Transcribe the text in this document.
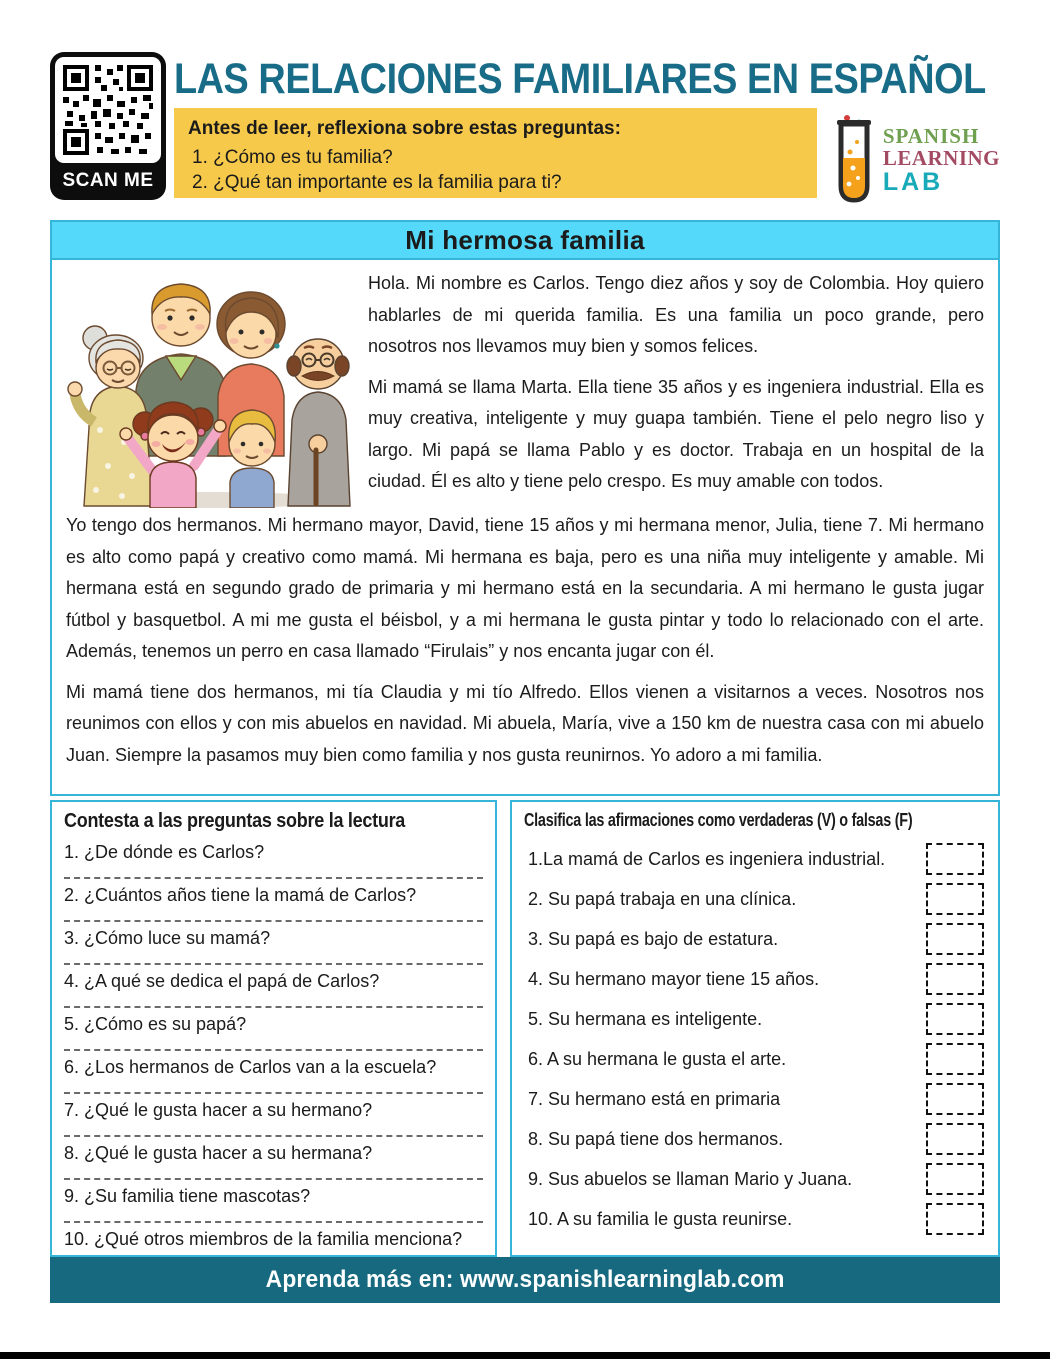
SCAN ME
LAS RELACIONES FAMILIARES EN ESPAÑOL
Antes de leer, reflexiona sobre estas preguntas:
1. ¿Cómo es tu familia?
2. ¿Qué tan importante es la familia para ti?
SPANISH
LEARNING
LAB
Mi hermosa familia

Hola. Mi nombre es Carlos. Tengo diez años y soy de Colombia. Hoy quiero hablarles de mi querida familia. Es una familia un poco grande, pero nosotros nos llevamos muy bien y somos felices.

Mi mamá se llama Marta. Ella tiene 35 años y es ingeniera industrial. Ella es muy creativa, inteligente y muy guapa también. Tiene el pelo negro liso y largo. Mi papá se llama Pablo y es doctor. Trabaja en un hospital de la ciudad. Él es alto y tiene pelo crespo. Es muy amable con todos.

Yo tengo dos hermanos. Mi hermano mayor, David, tiene 15 años y mi hermana menor, Julia, tiene 7. Mi hermano es alto como papá y creativo como mamá. Mi hermana es baja, pero es una niña muy inteligente y amable. Mi hermana está en segundo grado de primaria y mi hermano está en la secundaria. A mi hermano le gusta jugar fútbol y basquetbol. A mi me gusta el béisbol, y a mi hermana le gusta pintar y todo lo relacionado con el arte. Además, tenemos un perro en casa llamado “Firulais” y nos encanta jugar con él.

Mi mamá tiene dos hermanos, mi tía Claudia y mi tío Alfredo. Ellos vienen a visitarnos a veces. Nosotros nos reunimos con ellos y con mis abuelos en navidad. Mi abuela, María, vive a 150 km de nuestra casa con mi abuelo Juan. Siempre la pasamos muy bien como familia y nos gusta reunirnos. Yo adoro a mi familia.

Contesta a las preguntas sobre la lectura
1. ¿De dónde es Carlos?
2. ¿Cuántos años tiene la mamá de Carlos?
3. ¿Cómo luce su mamá?
4. ¿A qué se dedica el papá de Carlos?
5. ¿Cómo es su papá?
6. ¿Los hermanos de Carlos van a la escuela?
7. ¿Qué le gusta hacer a su hermano?
8. ¿Qué le gusta hacer a su hermana?
9. ¿Su familia tiene mascotas?
10. ¿Qué otros miembros de la familia menciona?
Clasifica las afirmaciones como verdaderas (V) o falsas (F)
1.La mamá de Carlos es ingeniera industrial.
2. Su papá trabaja en una clínica.
3. Su papá es bajo de estatura.
4. Su hermano mayor tiene 15 años.
5. Su hermana es inteligente.
6. A su hermana le gusta el arte.
7. Su hermano está en primaria
8. Su papá tiene dos hermanos.
9. Sus abuelos se llaman Mario y Juana.
10. A su familia le gusta reunirse.
Aprenda más en: www.spanishlearninglab.com
